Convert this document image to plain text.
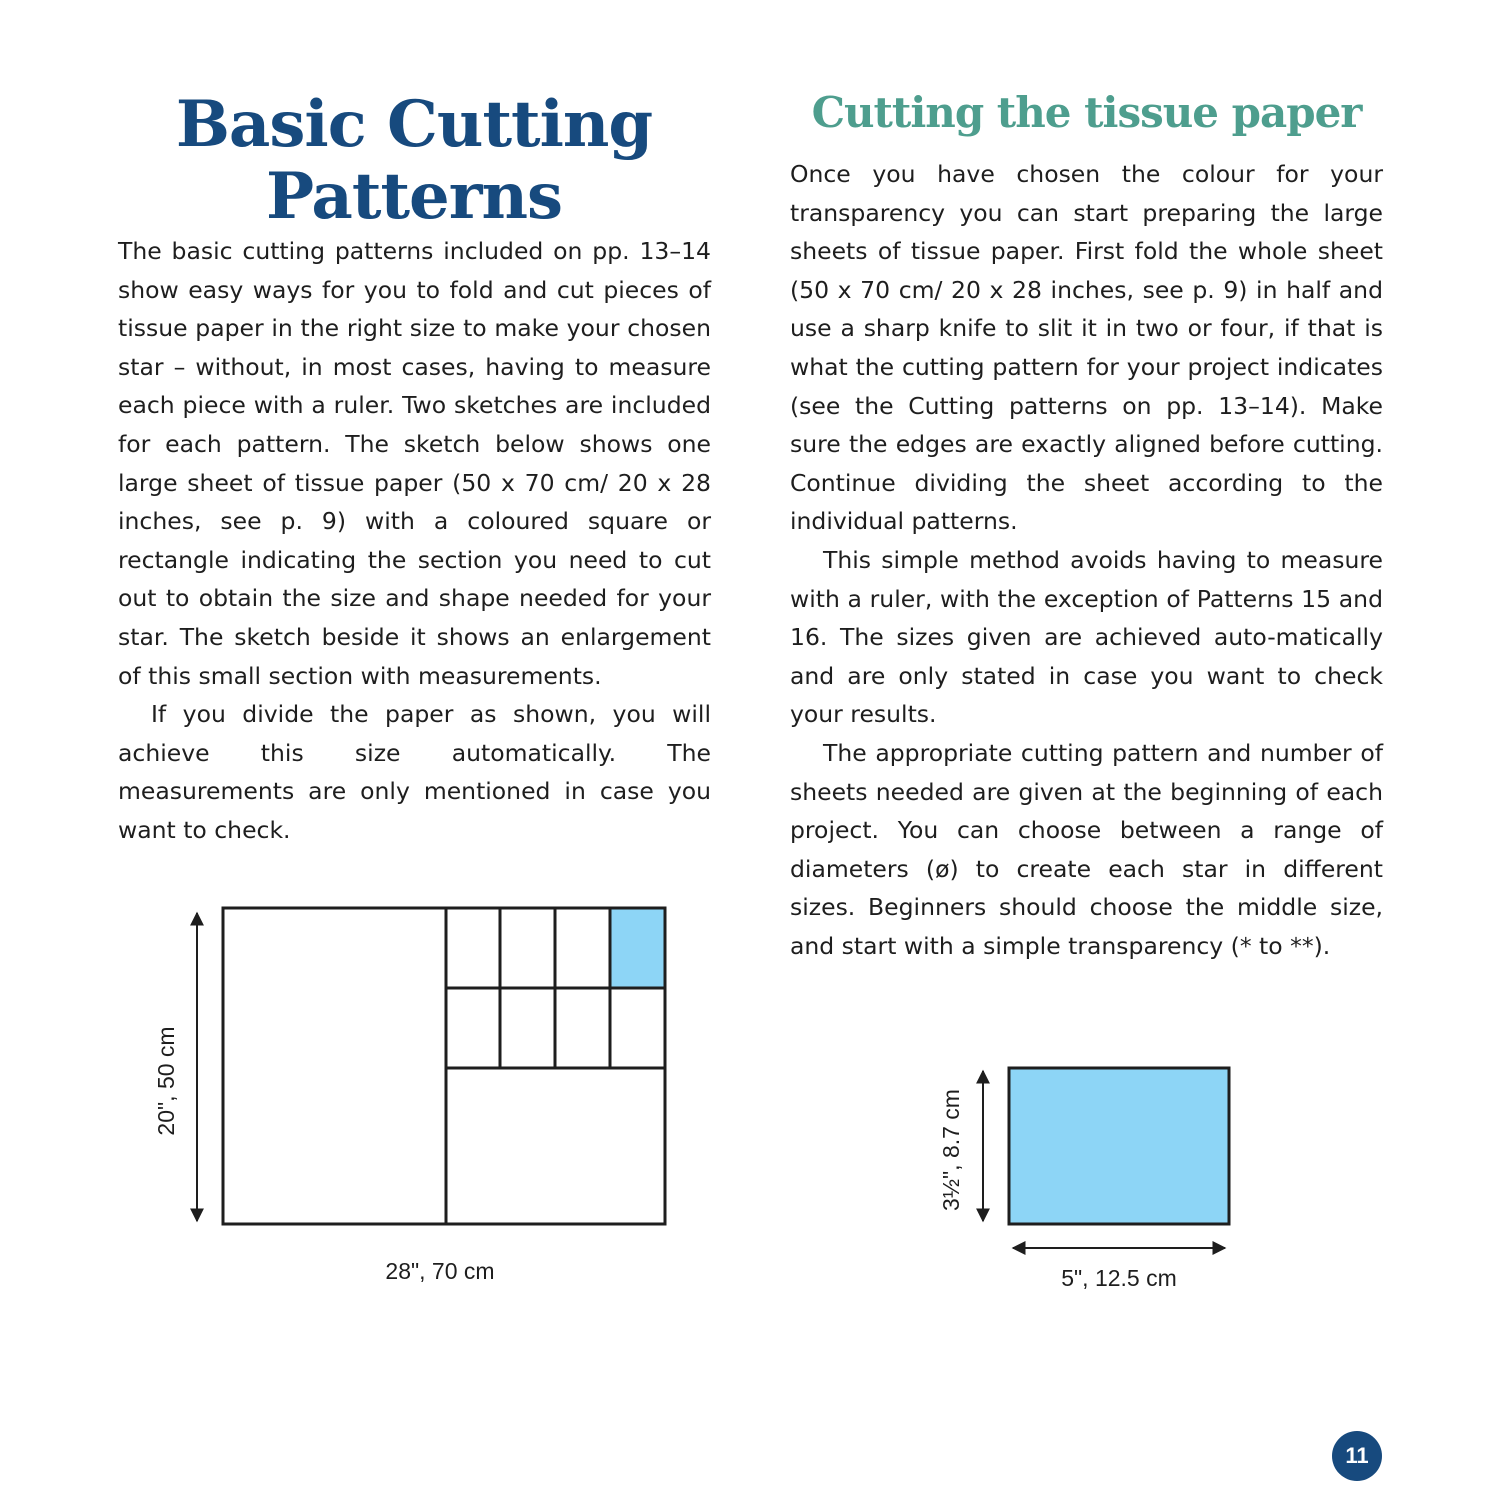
Basic Cutting Patterns
Cutting the tissue paper

The basic cutting patterns included on pp. 13–14 show easy ways for you to fold and cut pieces of tissue paper in the right size to make your chosen star – without, in most cases, having to measure each piece with a ruler. Two sketches are included for each pattern. The sketch below shows one large sheet of tissue paper (50 x 70 cm/ 20 x 28 inches, see p. 9) with a coloured square or rectangle indicating the section you need to cut out to obtain the size and shape needed for your star. The sketch beside it shows an enlargement of this small section with measurements.

If you divide the paper as shown, you will achieve this size automatically. The measurements are only mentioned in case you want to check.

Once you have chosen the colour for your transparency you can start preparing the large sheets of tissue paper. First fold the whole sheet (50 x 70 cm/ 20 x 28 inches, see p. 9) in half and use a sharp knife to slit it in two or four, if that is what the cutting pattern for your project indicates (see the Cutting patterns on pp. 13–14). Make sure the edges are exactly aligned before cutting. Continue dividing the sheet according to the individual patterns.

This simple method avoids having to measure with a ruler, with the exception of Patterns 15 and 16. The sizes given are achieved auto-matically and are only stated in case you want to check your results.

The appropriate cutting pattern and number of sheets needed are given at the beginning of each project. You can choose between a range of diameters (ø) to create each star in different sizes. Beginners should choose the middle size, and start with a simple transparency (* to **).

20", 50 cm
28", 70 cm
3½", 8.7 cm
5", 12.5 cm
11
